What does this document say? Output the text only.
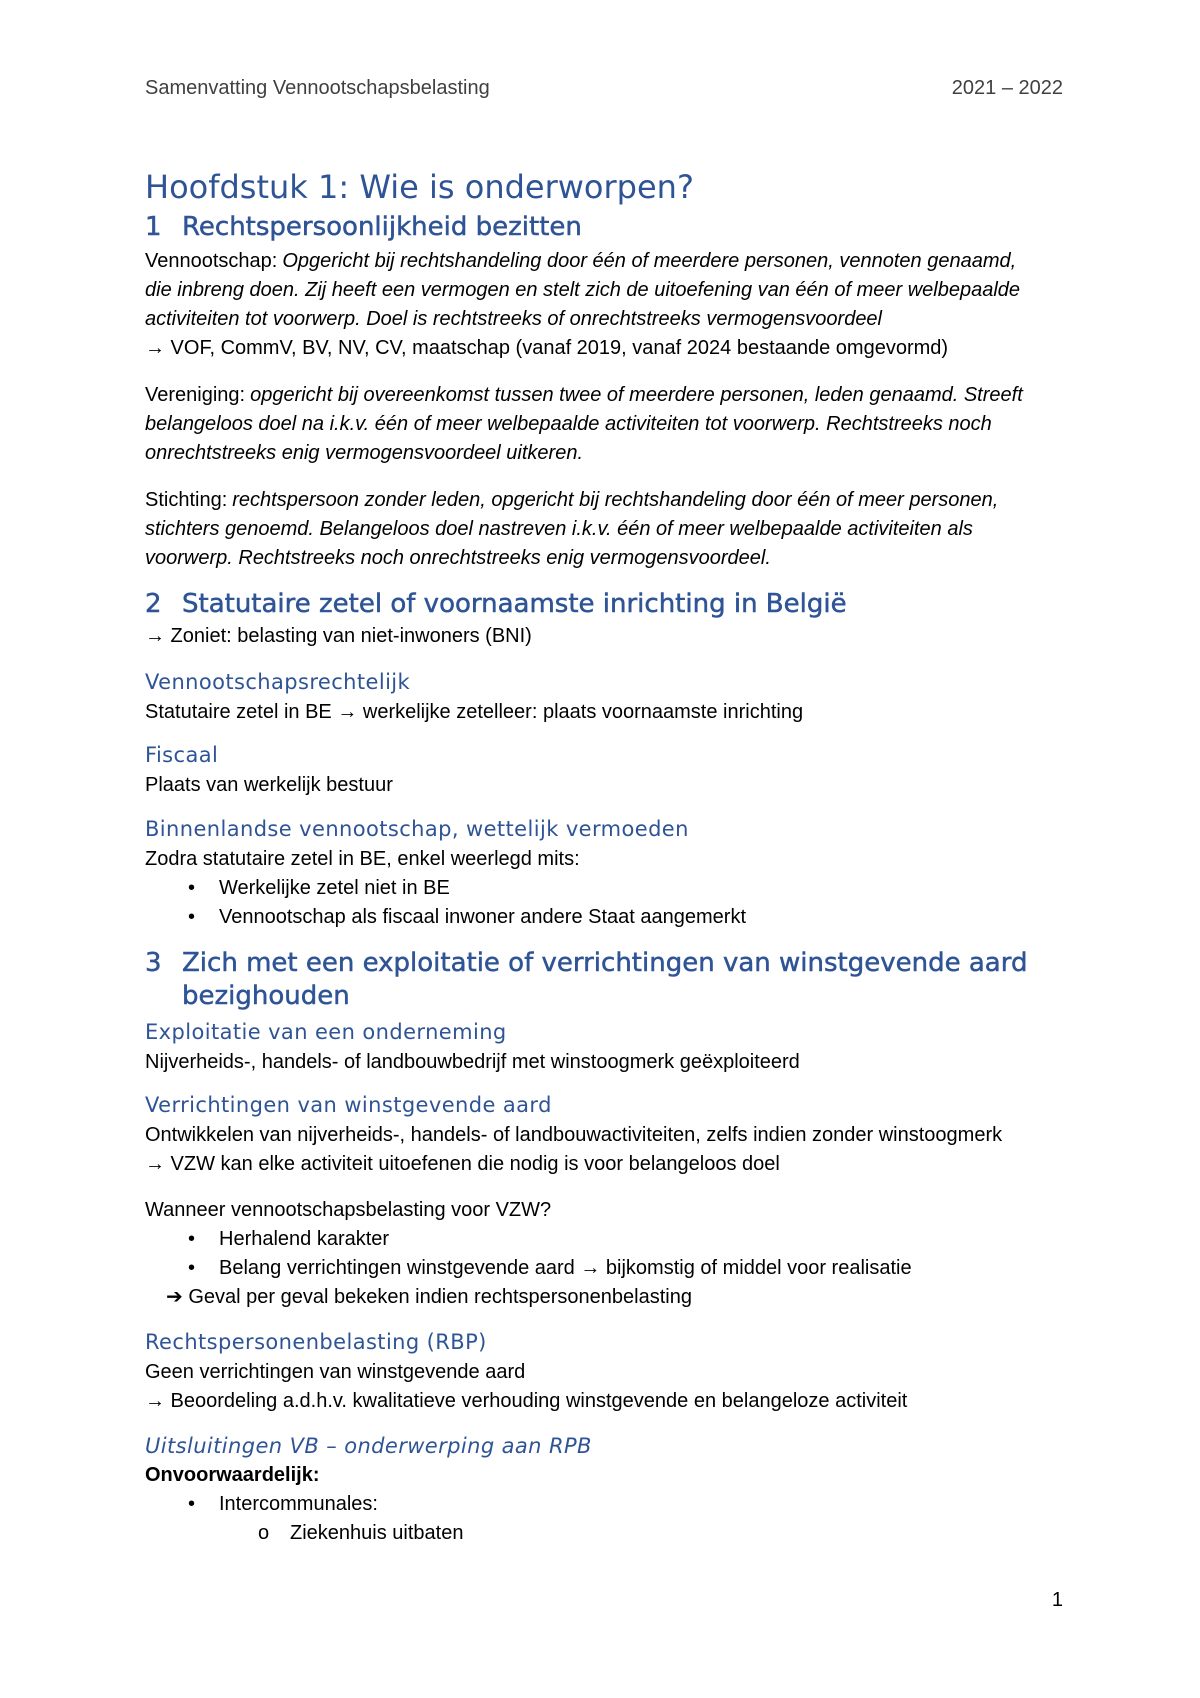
Samenvatting Vennootschapsbelasting	2021 – 2022
Hoofdstuk 1: Wie is onderworpen?
1 Rechtspersoonlijkheid bezitten
Vennootschap: Opgericht bij rechtshandeling door één of meerdere personen, vennoten genaamd,
die inbreng doen. Zij heeft een vermogen en stelt zich de uitoefening van één of meer welbepaalde
activiteiten tot voorwerp. Doel is rechtstreeks of onrechtstreeks vermogensvoordeel
→ VOF, CommV, BV, NV, CV, maatschap (vanaf 2019, vanaf 2024 bestaande omgevormd)
Vereniging: opgericht bij overeenkomst tussen twee of meerdere personen, leden genaamd. Streeft
belangeloos doel na i.k.v. één of meer welbepaalde activiteiten tot voorwerp. Rechtstreeks noch
onrechtstreeks enig vermogensvoordeel uitkeren.
Stichting: rechtspersoon zonder leden, opgericht bij rechtshandeling door één of meer personen,
stichters genoemd. Belangeloos doel nastreven i.k.v. één of meer welbepaalde activiteiten als
voorwerp. Rechtstreeks noch onrechtstreeks enig vermogensvoordeel.
2 Statutaire zetel of voornaamste inrichting in België
→ Zoniet: belasting van niet-inwoners (BNI)
Vennootschapsrechtelijk
Statutaire zetel in BE → werkelijke zetelleer: plaats voornaamste inrichting
Fiscaal
Plaats van werkelijk bestuur
Binnenlandse vennootschap, wettelijk vermoeden
Zodra statutaire zetel in BE, enkel weerlegd mits:
•	Werkelijke zetel niet in BE
•	Vennootschap als fiscaal inwoner andere Staat aangemerkt
3 Zich met een exploitatie of verrichtingen van winstgevende aard bezighouden
Exploitatie van een onderneming
Nijverheids-, handels- of landbouwbedrijf met winstoogmerk geëxploiteerd
Verrichtingen van winstgevende aard
Ontwikkelen van nijverheids-, handels- of landbouwactiviteiten, zelfs indien zonder winstoogmerk
→ VZW kan elke activiteit uitoefenen die nodig is voor belangeloos doel
Wanneer vennootschapsbelasting voor VZW?
•	Herhalend karakter
•	Belang verrichtingen winstgevende aard → bijkomstig of middel voor realisatie
➔ Geval per geval bekeken indien rechtspersonenbelasting
Rechtspersonenbelasting (RBP)
Geen verrichtingen van winstgevende aard
→ Beoordeling a.d.h.v. kwalitatieve verhouding winstgevende en belangeloze activiteit
Uitsluitingen VB – onderwerping aan RPB
Onvoorwaardelijk:
•	Intercommunales:
o	Ziekenhuis uitbaten
1
